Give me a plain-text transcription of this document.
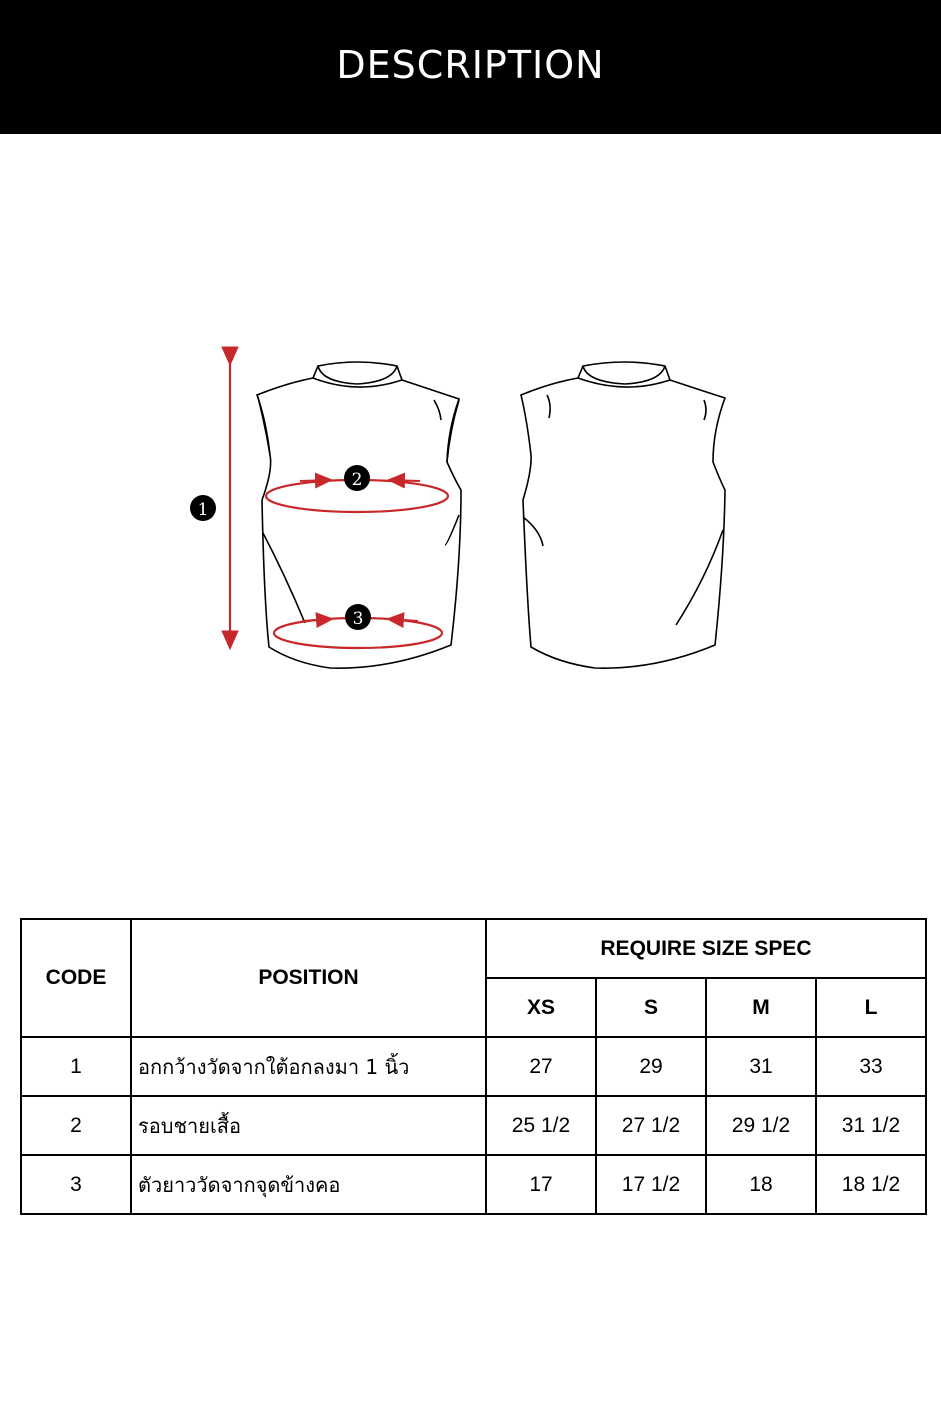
DESCRIPTION
1
2
3
CODE	POSITION	REQUIRE SIZE SPEC			
		XS	S	M	L
1	อกกว้างวัดจากใต้อกลงมา 1 นิ้ว	27	29	31	33
2	รอบชายเสื้อ	25 1/2	27 1/2	29 1/2	31 1/2
3	ตัวยาววัดจากจุดข้างคอ	17	17 1/2	18	18 1/2
